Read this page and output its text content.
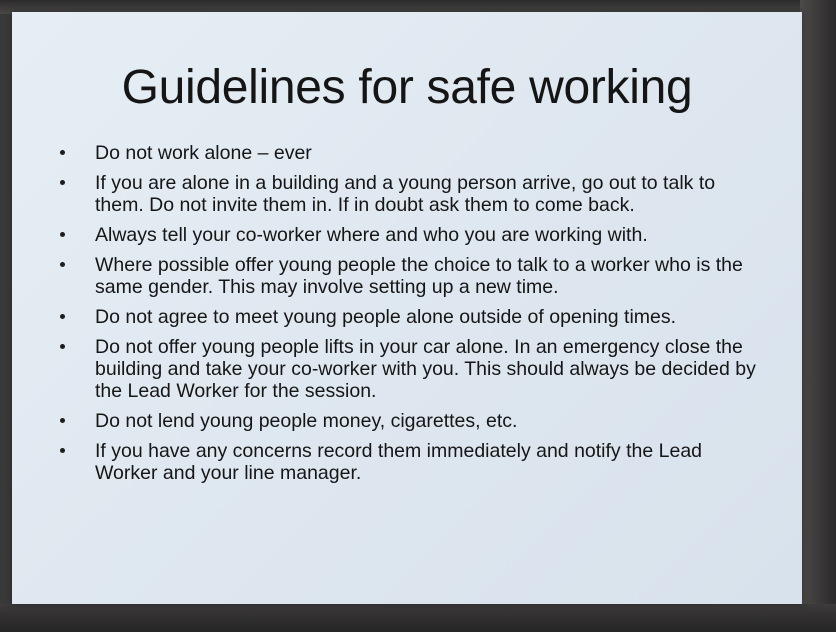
Guidelines for safe working
Do not work alone – ever
If you are alone in a building and a young person arrive, go out to talk to them. Do not invite them in. If in doubt ask them to come back.
Always tell your co-worker where and who you are working with.
Where possible offer young people the choice to talk to a worker who is the same gender. This may involve setting up a new time.
Do not agree to meet young people alone outside of opening times.
Do not offer young people lifts in your car alone. In an emergency close the building and take your co-worker with you. This should always be decided by the Lead Worker for the session.
Do not lend young people money, cigarettes, etc.
If you have any concerns record them immediately and notify the Lead Worker and your line manager.
